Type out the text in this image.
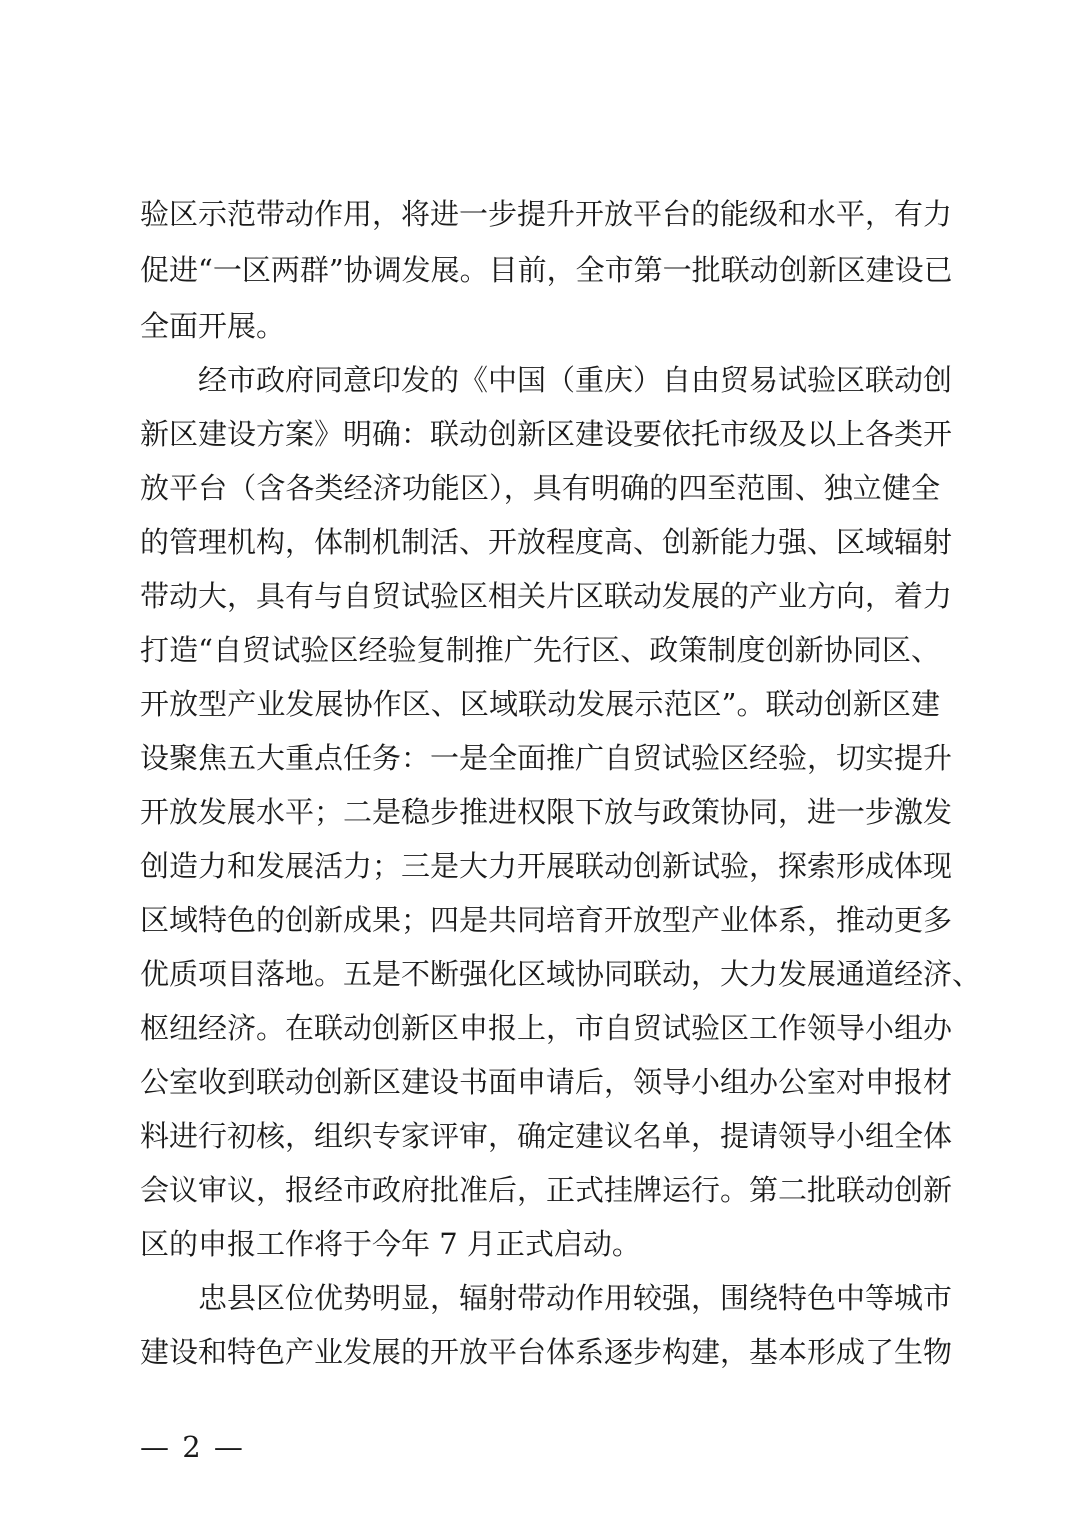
验区示范带动作用，将进一步提升开放平台的能级和水平，有力
促进“一区两群”协调发展。目前，全市第一批联动创新区建设已
全面开展。
　　经市政府同意印发的《中国（重庆）自由贸易试验区联动创
新区建设方案》明确：联动创新区建设要依托市级及以上各类开
放平台（含各类经济功能区），具有明确的四至范围、独立健全
的管理机构，体制机制活、开放程度高、创新能力强、区域辐射
带动大，具有与自贸试验区相关片区联动发展的产业方向，着力
打造“自贸试验区经验复制推广先行区、政策制度创新协同区、
开放型产业发展协作区、区域联动发展示范区”。联动创新区建
设聚焦五大重点任务：一是全面推广自贸试验区经验，切实提升
开放发展水平；二是稳步推进权限下放与政策协同，进一步激发
创造力和发展活力；三是大力开展联动创新试验，探索形成体现
区域特色的创新成果；四是共同培育开放型产业体系，推动更多
优质项目落地。五是不断强化区域协同联动，大力发展通道经济、
枢纽经济。在联动创新区申报上，市自贸试验区工作领导小组办
公室收到联动创新区建设书面申请后，领导小组办公室对申报材
料进行初核，组织专家评审，确定建议名单，提请领导小组全体
会议审议，报经市政府批准后，正式挂牌运行。第二批联动创新
区的申报工作将于今年 7 月正式启动。
　　忠县区位优势明显，辐射带动作用较强，围绕特色中等城市
建设和特色产业发展的开放平台体系逐步构建，基本形成了生物
— 2 —
